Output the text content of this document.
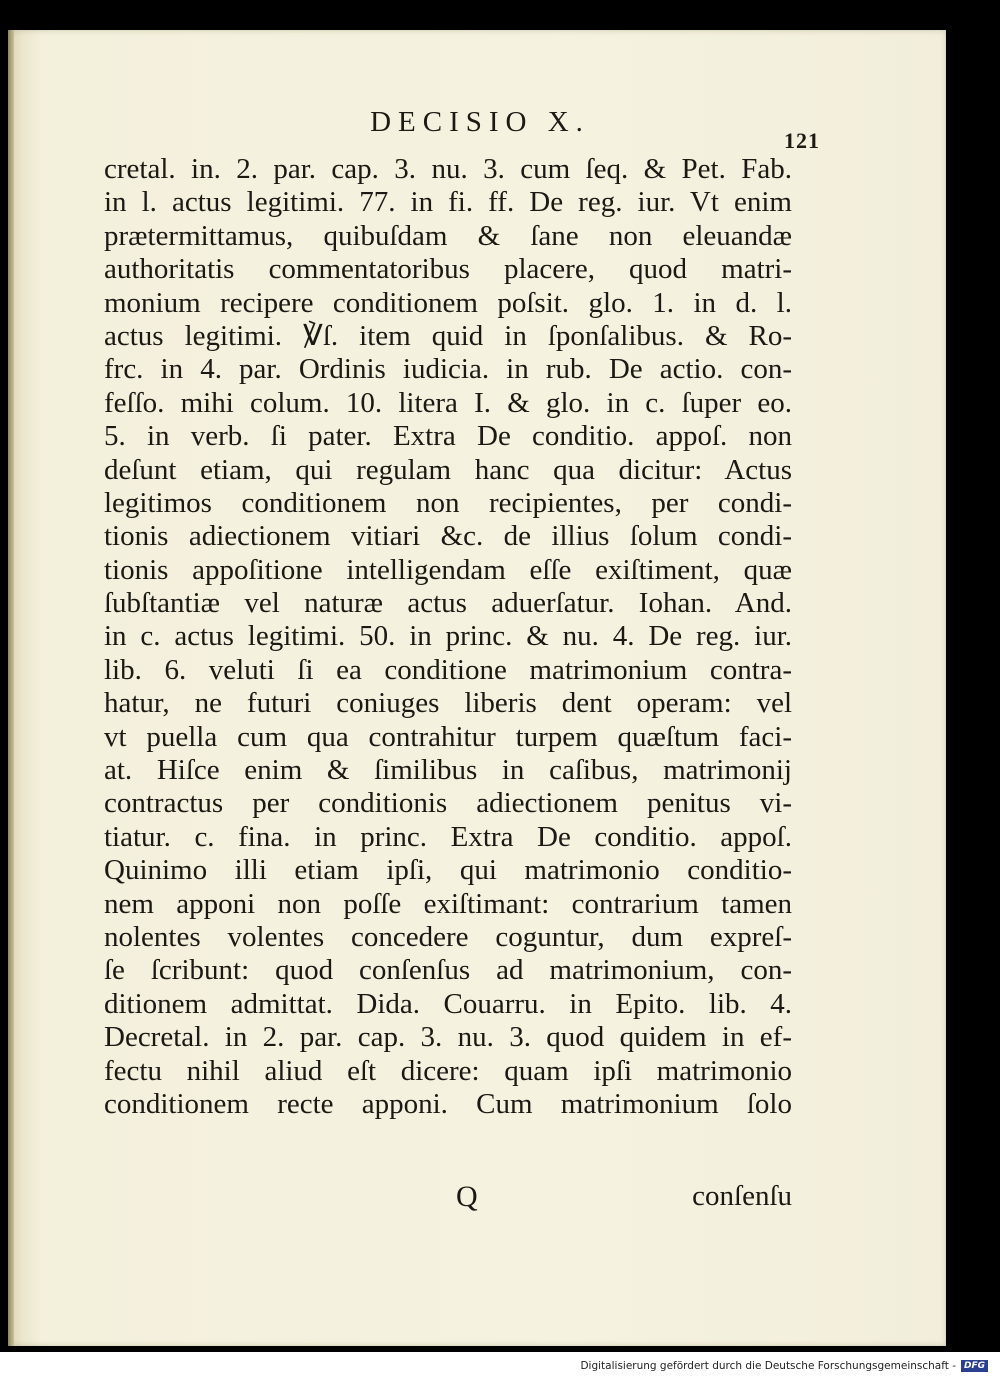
DECISIO X.
121
cretal. in. 2. par. cap. 3. nu. 3. cum ſeq. & Pet. Fab.
in l. actus legitimi. 77. in fi. ff. De reg. iur. Vt enim
prætermittamus, quibuſdam & ſane non eleuandæ
authoritatis commentatoribus placere, quod matri-
monium recipere conditionem poſsit. glo. 1. in d. l.
actus legitimi. ℣ſ. item quid in ſponſalibus. & Ro-
frc. in 4. par. Ordinis iudicia. in rub. De actio. con-
feſſo. mihi colum. 10. litera I. & glo. in c. ſuper eo.
5. in verb. ſi pater. Extra De conditio. appoſ. non
deſunt etiam, qui regulam hanc qua dicitur: Actus
legitimos conditionem non recipientes, per condi-
tionis adiectionem vitiari &c. de illius ſolum condi-
tionis appoſitione intelligendam eſſe exiſtiment, quæ
ſubſtantiæ vel naturæ actus aduerſatur. Iohan. And.
in c. actus legitimi. 50. in princ. & nu. 4. De reg. iur.
lib. 6. veluti ſi ea conditione matrimonium contra-
hatur, ne futuri coniuges liberis dent operam: vel
vt puella cum qua contrahitur turpem quæſtum faci-
at. Hiſce enim & ſimilibus in caſibus, matrimonij
contractus per conditionis adiectionem penitus vi-
tiatur. c. fina. in princ. Extra De conditio. appoſ.
Quinimo illi etiam ipſi, qui matrimonio conditio-
nem apponi non poſſe exiſtimant: contrarium tamen
nolentes volentes concedere coguntur, dum expreſ-
ſe ſcribunt: quod conſenſus ad matrimonium, con-
ditionem admittat. Dida. Couarru. in Epito. lib. 4.
Decretal. in 2. par. cap. 3. nu. 3. quod quidem in ef-
fectu nihil aliud eſt dicere: quam ipſi matrimonio
conditionem recte apponi. Cum matrimonium ſolo
Q	conſenſu
Digitalisierung gefördert durch die Deutsche Forschungsgemeinschaft - DFG
